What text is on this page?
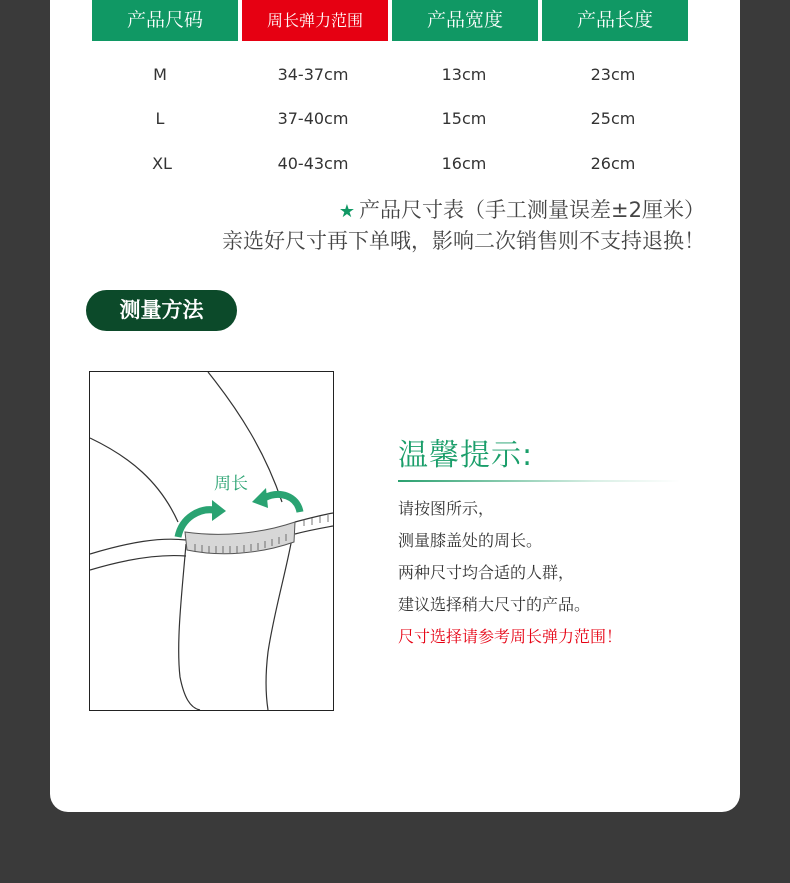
产品尺码	周长弹力范围	产品宽度	产品长度
M	34-37cm	13cm	23cm
L	37-40cm	15cm	25cm
XL	40-43cm	16cm	26cm
★ 产品尺寸表（手工测量误差±2厘米）
亲选好尺寸再下单哦，影响二次销售则不支持退换！
测量方法
周长
温馨提示:
请按图所示，
测量膝盖处的周长。
两种尺寸均合适的人群，
建议选择稍大尺寸的产品。
尺寸选择请参考周长弹力范围！
